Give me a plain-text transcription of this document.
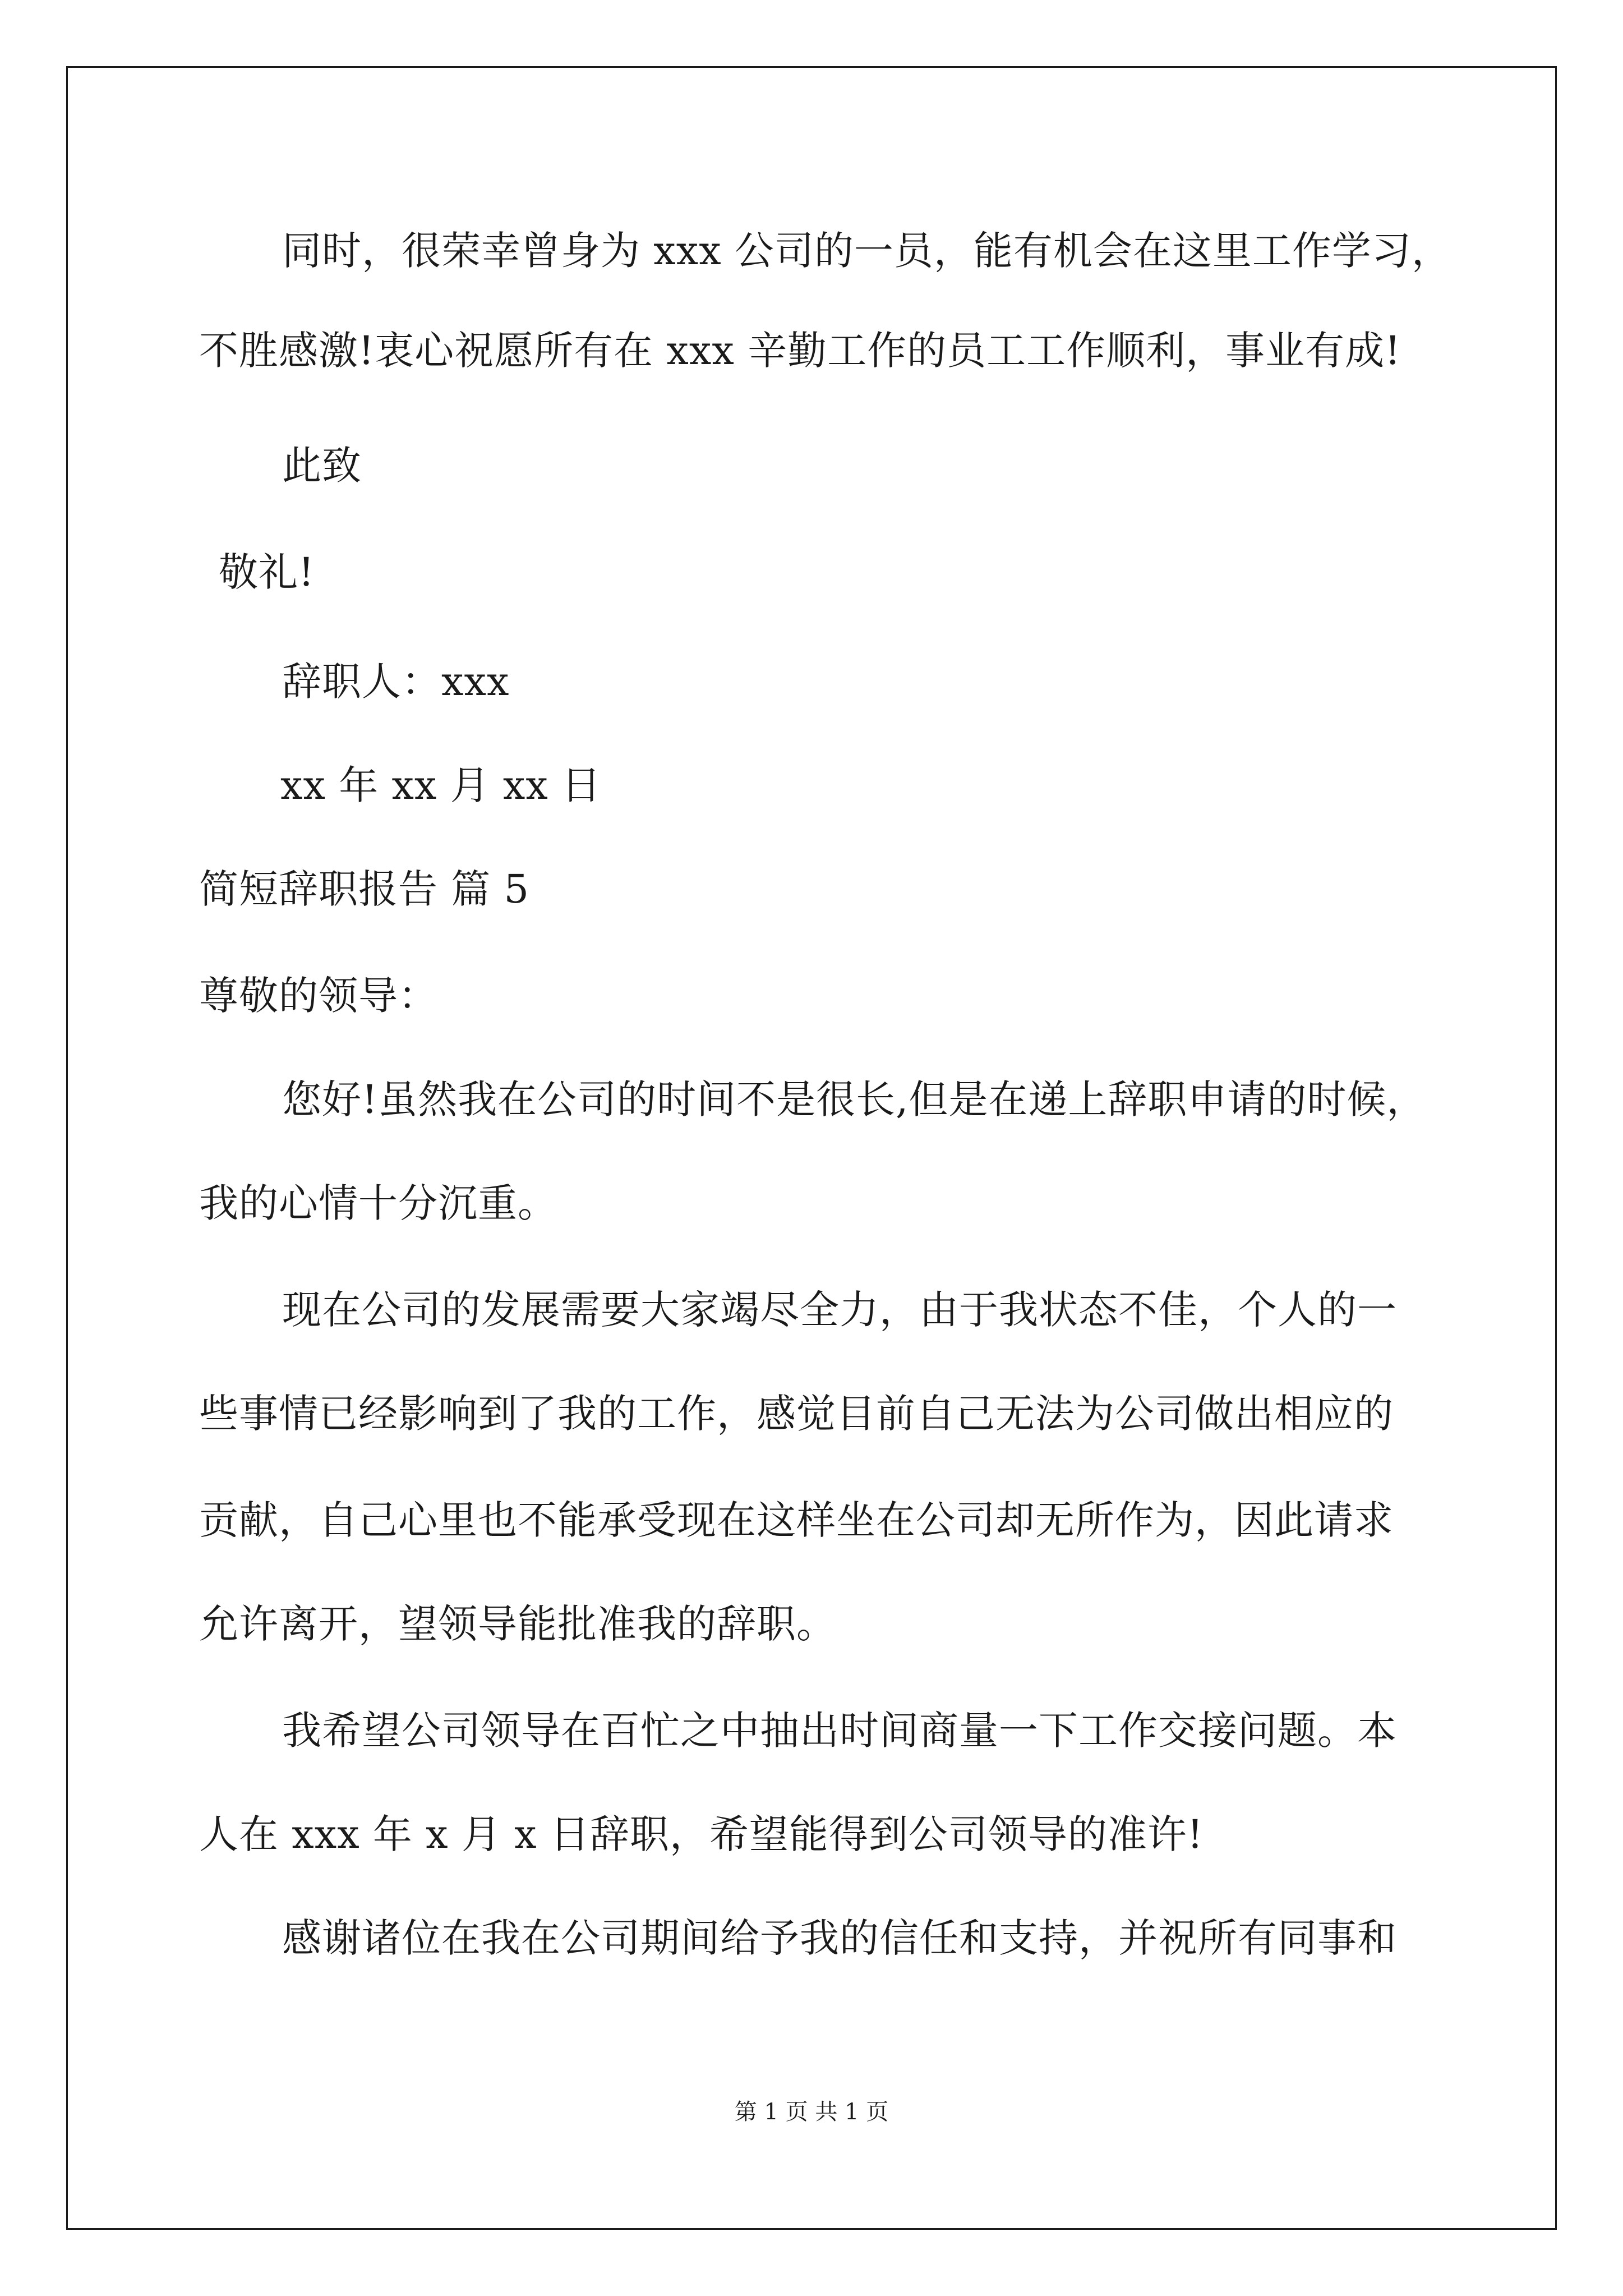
同时，很荣幸曾身为 xxx 公司的一员，能有机会在这里工作学习，
不胜感激!衷心祝愿所有在 xxx 辛勤工作的员工工作顺利，事业有成!
此致
敬礼!
辞职人：xxx
xx 年 xx 月 xx 日
简短辞职报告 篇 5
尊敬的领导：
您好!虽然我在公司的时间不是很长,但是在递上辞职申请的时候，
我的心情十分沉重。
现在公司的发展需要大家竭尽全力，由于我状态不佳，个人的一
些事情已经影响到了我的工作，感觉目前自己无法为公司做出相应的
贡献，自己心里也不能承受现在这样坐在公司却无所作为，因此请求
允许离开，望领导能批准我的辞职。
我希望公司领导在百忙之中抽出时间商量一下工作交接问题。本
人在 xxx 年 x 月 x 日辞职，希望能得到公司领导的准许!
感谢诸位在我在公司期间给予我的信任和支持，并祝所有同事和
第 1 页 共 1 页
